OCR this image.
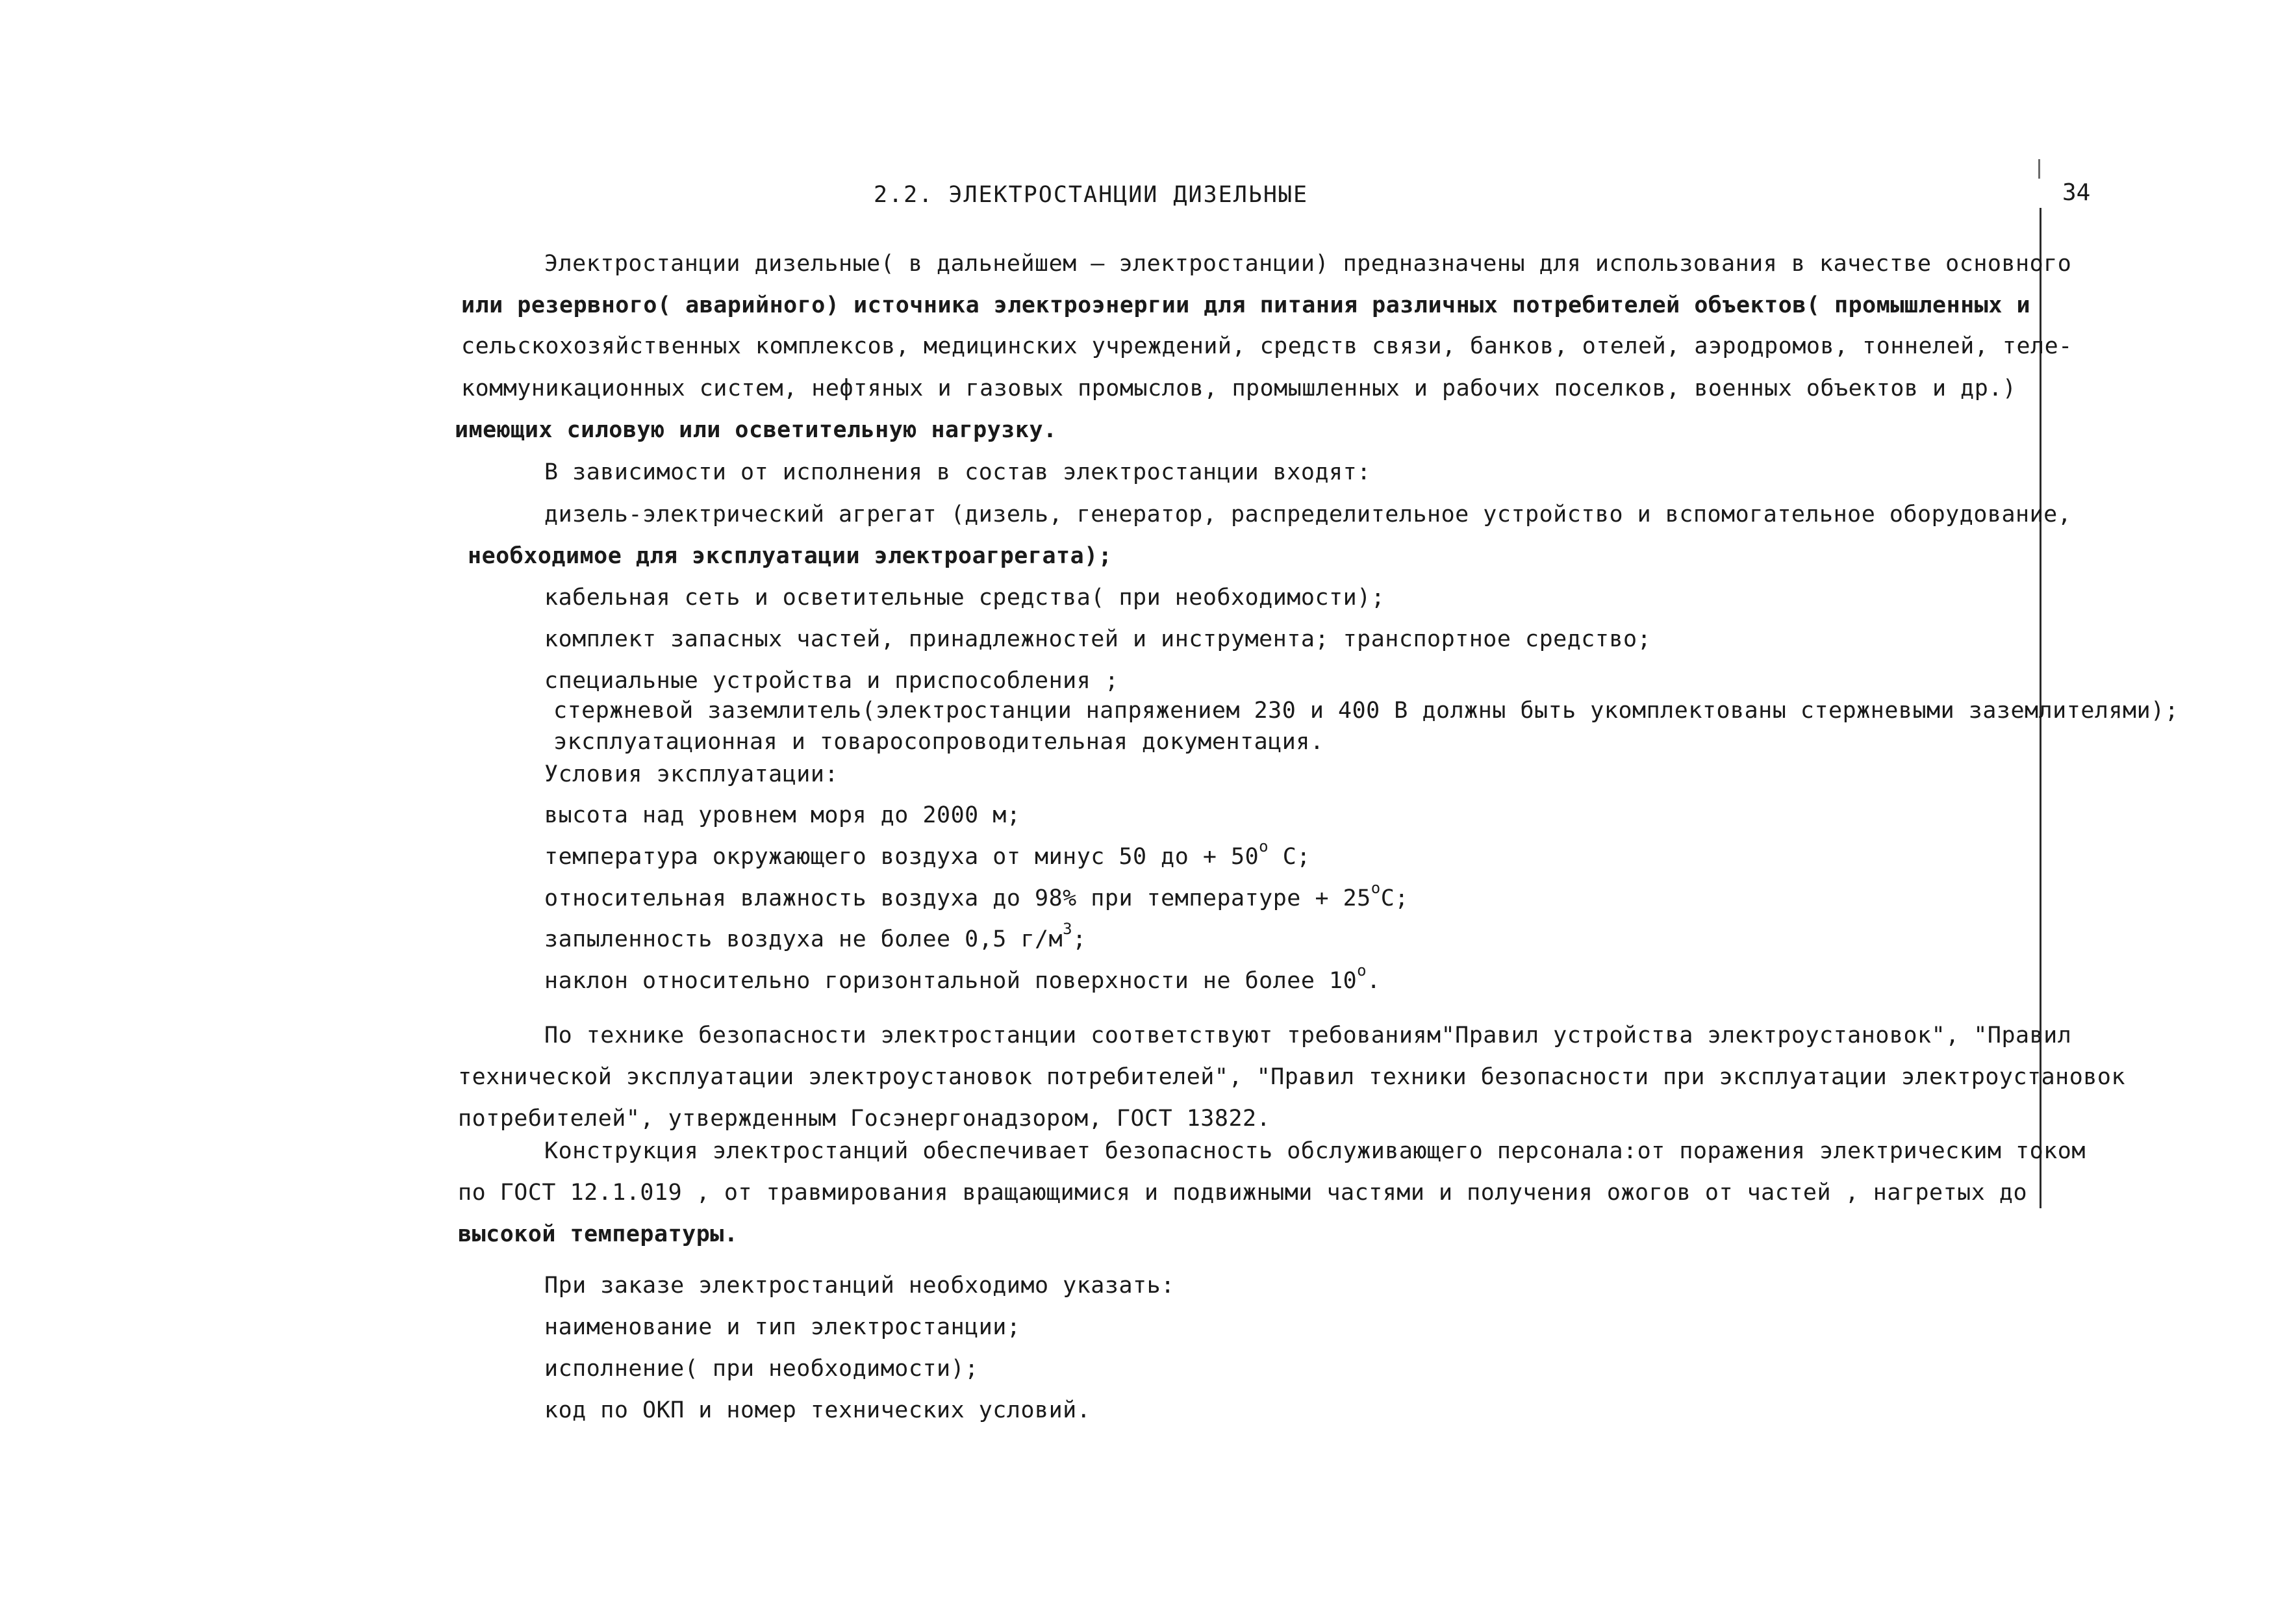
2.2. ЭЛЕКТРОСТАНЦИИ ДИЗЕЛЬНЫЕ	34
Электростанции дизельные( в дальнейшем – электростанции) предназначены для использования в качестве основного
или резервного( аварийного) источника электроэнергии для питания различных потребителей объектов( промышленных и
сельскохозяйственных комплексов, медицинских учреждений, средств связи, банков, отелей, аэродромов, тоннелей, теле-
коммуникационных систем, нефтяных и газовых промыслов, промышленных и рабочих поселков, военных объектов и др.)
имеющих силовую или осветительную нагрузку.
В зависимости от исполнения в состав электростанции входят:
дизель-электрический агрегат (дизель, генератор, распределительное устройство и вспомогательное оборудование,
необходимое для эксплуатации электроагрегата);
кабельная сеть и осветительные средства( при необходимости);
комплект запасных частей, принадлежностей и инструмента; транспортное средство;
специальные устройства и приспособления ;
стержневой заземлитель(электростанции напряжением 230 и 400 В должны быть укомплектованы стержневыми заземлителями);
эксплуатационная и товаросопроводительная документация.
Условия эксплуатации:
высота над уровнем моря до 2000 м;
температура окружающего воздуха от минус 50 до + $50^о$ С;
относительная влажность воздуха до 98% при температуре + $25^оС$;
запыленность воздуха не более 0,5 $г/м^3$;
наклон относительно горизонтальной поверхности не более $10^о$.
По технике безопасности электростанции соответствуют требованиям"Правил устройства электроустановок", "Правил
технической эксплуатации электроустановок потребителей", "Правил техники безопасности при эксплуатации электроустановок
потребителей", утвержденным Госэнергонадзором, ГОСТ 13822.
Конструкция электростанций обеспечивает безопасность обслуживающего персонала:от поражения электрическим током
по ГОСТ 12.1.019 , от травмирования вращающимися и подвижными частями и получения ожогов от частей , нагретых до
высокой температуры.
При заказе электростанций необходимо указать:
наименование и тип электростанции;
исполнение( при необходимости);
код по ОКП и номер технических условий.
